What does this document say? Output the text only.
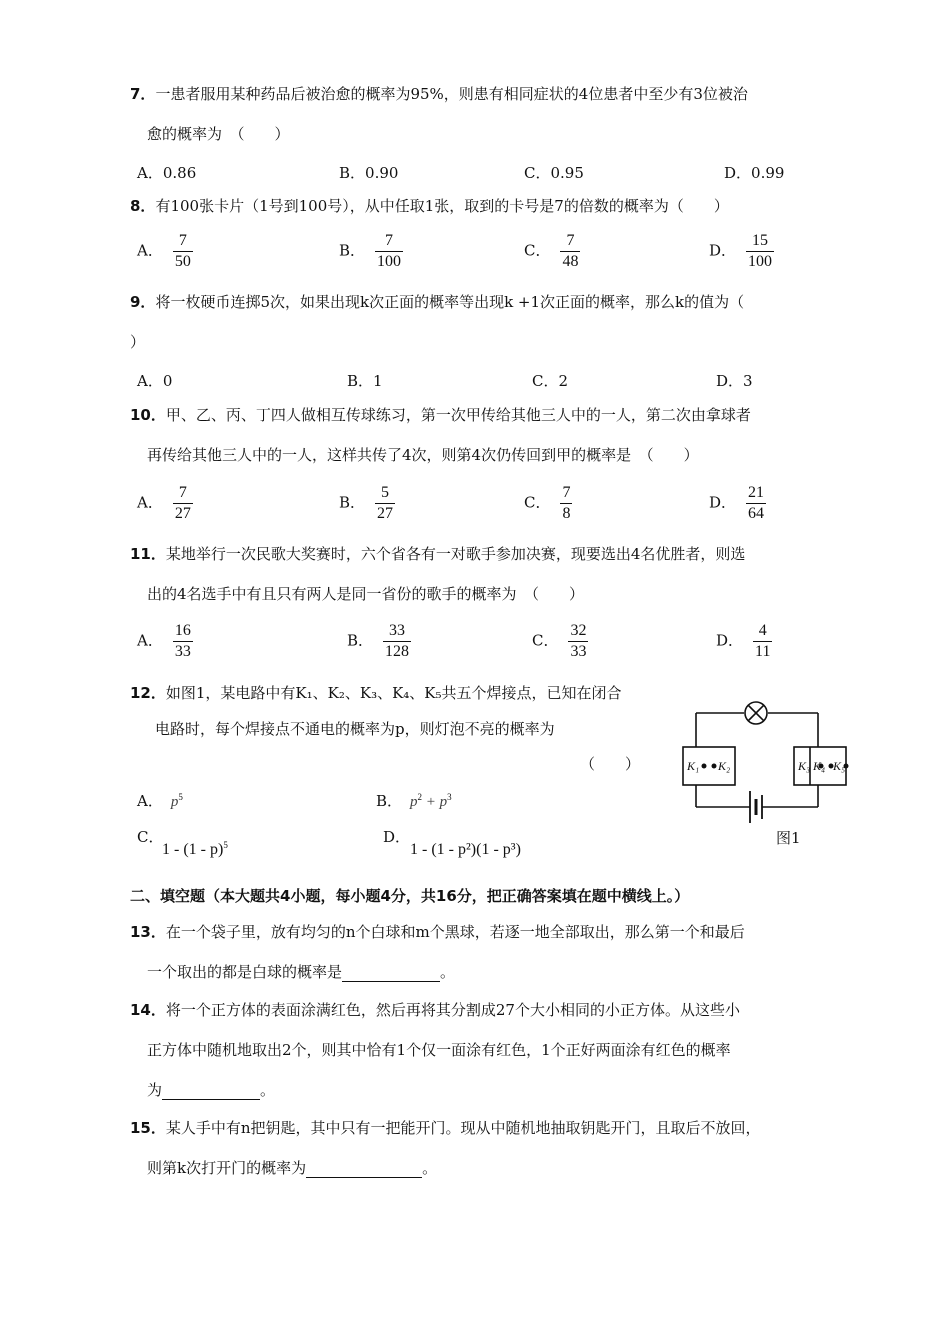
7．一患者服用某种药品后被治愈的概率为95%，则患有相同症状的4位患者中至少有3位被治
愈的概率为　（　　）
A．0.86	B．0.90	C．0.95	D．0.99
8．有100张卡片（1号到100号），从中任取1张，取到的卡号是7的倍数的概率为（　　）
A． $\frac{7}{50}$	B． $\frac{7}{100}$	C． $\frac{7}{48}$	D． $\frac{15}{100}$
9．将一枚硬币连掷5次，如果出现k次正面的概率等出现k +1次正面的概率，那么k的值为（
）
A．0	B．1	C．2	D．3
10．甲、乙、丙、丁四人做相互传球练习，第一次甲传给其他三人中的一人，第二次由拿球者
再传给其他三人中的一人，这样共传了4次，则第4次仍传回到甲的概率是　（　　）
A． $\frac{7}{27}$	B． $\frac{5}{27}$	C． $\frac{7}{8}$	D． $\frac{21}{64}$
11．某地举行一次民歌大奖赛时，六个省各有一对歌手参加决赛，现要选出4名优胜者，则选
出的4名选手中有且只有两人是同一省份的歌手的概率为　（　　）
A． $\frac{16}{33}$	B． $\frac{33}{128}$	C． $\frac{32}{33}$	D． $\frac{4}{11}$
12．如图1，某电路中有K₁、K₂、K₃、K₄、K₅共五个焊接点，已知在闭合
电路时，每个焊接点不通电的概率为p，则灯泡不亮的概率为
（　　）
A． $p^5$	B． $p^2 + p^3$
C．
1 - (1 - p)$^5$	D．
1 - (1 - p²)(1 - p³)
K₁ K₂	K₃ K₄ K₅
图1
二、填空题（本大题共4小题，每小题4分，共16分，把正确答案填在题中横线上。）
13．在一个袋子里，放有均匀的n个白球和m个黑球，若逐一地全部取出，那么第一个和最后
一个取出的都是白球的概率是	。
14．将一个正方体的表面涂满红色，然后再将其分割成27个大小相同的小正方体。从这些小
正方体中随机地取出2个，则其中恰有1个仅一面涂有红色，1个正好两面涂有红色的概率
为	。
15．某人手中有n把钥匙，其中只有一把能开门。现从中随机地抽取钥匙开门，且取后不放回，
则第k次打开门的概率为	。
